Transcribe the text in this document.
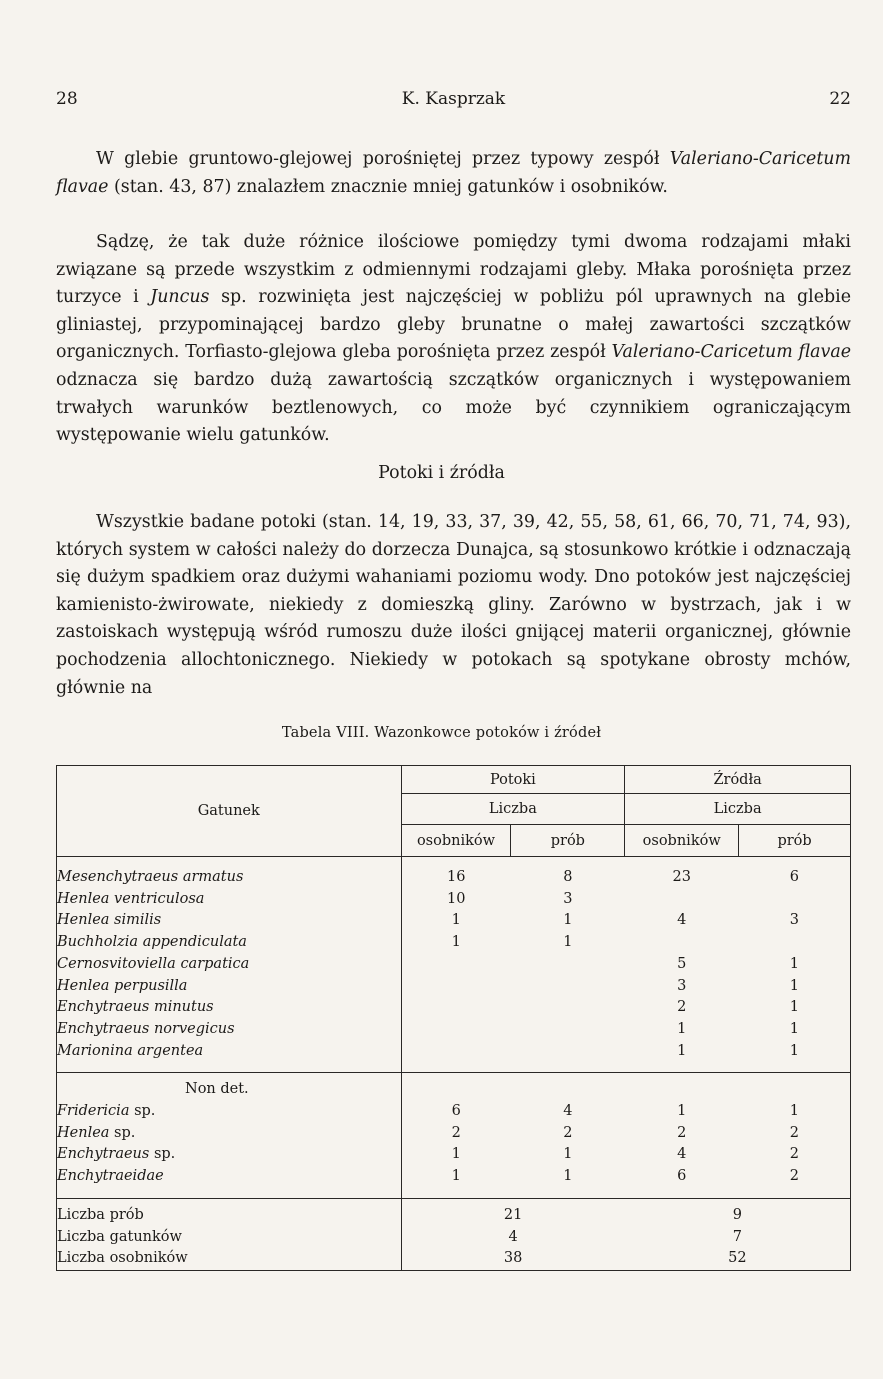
28	K. Kasprzak	22

W glebie gruntowo-glejowej porośniętej przez typowy zespół Valeriano-Caricetum flavae (stan. 43, 87) znalazłem znacznie mniej gatunków i osobników.

Sądzę, że tak duże różnice ilościowe pomiędzy tymi dwoma rodzajami młaki związane są przede wszystkim z odmiennymi rodzajami gleby. Młaka porośnięta przez turzyce i Juncus sp. rozwinięta jest najczęściej w pobliżu pól uprawnych na glebie gliniastej, przypominającej bardzo gleby brunatne o małej zawartości szczątków organicznych. Torfiasto-glejowa gleba porośnięta przez zespół Valeriano-Caricetum flavae odznacza się bardzo dużą zawartością szczątków organicznych i występowaniem trwałych warunków beztlenowych, co może być czynnikiem ograniczającym występowanie wielu gatunków.

Potoki i źródła

Wszystkie badane potoki (stan. 14, 19, 33, 37, 39, 42, 55, 58, 61, 66, 70, 71, 74, 93), których system w całości należy do dorzecza Dunajca, są stosunkowo krótkie i odznaczają się dużym spadkiem oraz dużymi wahaniami poziomu wody. Dno potoków jest najczęściej kamienisto-żwirowate, niekiedy z domieszką gliny. Zarówno w bystrzach, jak i w zastoiskach występują wśród rumoszu duże ilości gnijącej materii organicznej, głównie pochodzenia allochtonicznego. Niekiedy w potokach są spotykane obrosty mchów, głównie na

Tabela VIII. Wazonkowce potoków i źródeł
Gatunek	Potoki		Źródła	
	Liczba		Liczba	
	osobników	prób	osobników	prób

Mesenchytraeus armatus	16	8	23	6
Henlea ventriculosa	10	3		
Henlea similis	1	1	4	3
Buchholzia appendiculata	1	1		
Cernosvitoviella carpatica			5	1
Henlea perpusilla			3	1
Enchytraeus minutus			2	1
Enchytraeus norvegicus			1	1
Marionina argentea			1	1

Non det.				
Fridericia sp.	6	4	1	1
Henlea sp.	2	2	2	2
Enchytraeus sp.	1	1	4	2
Enchytraeidae	1	1	6	2

Liczba prób	21		9	
Liczba gatunków	4		7	
Liczba osobników	38		52	
